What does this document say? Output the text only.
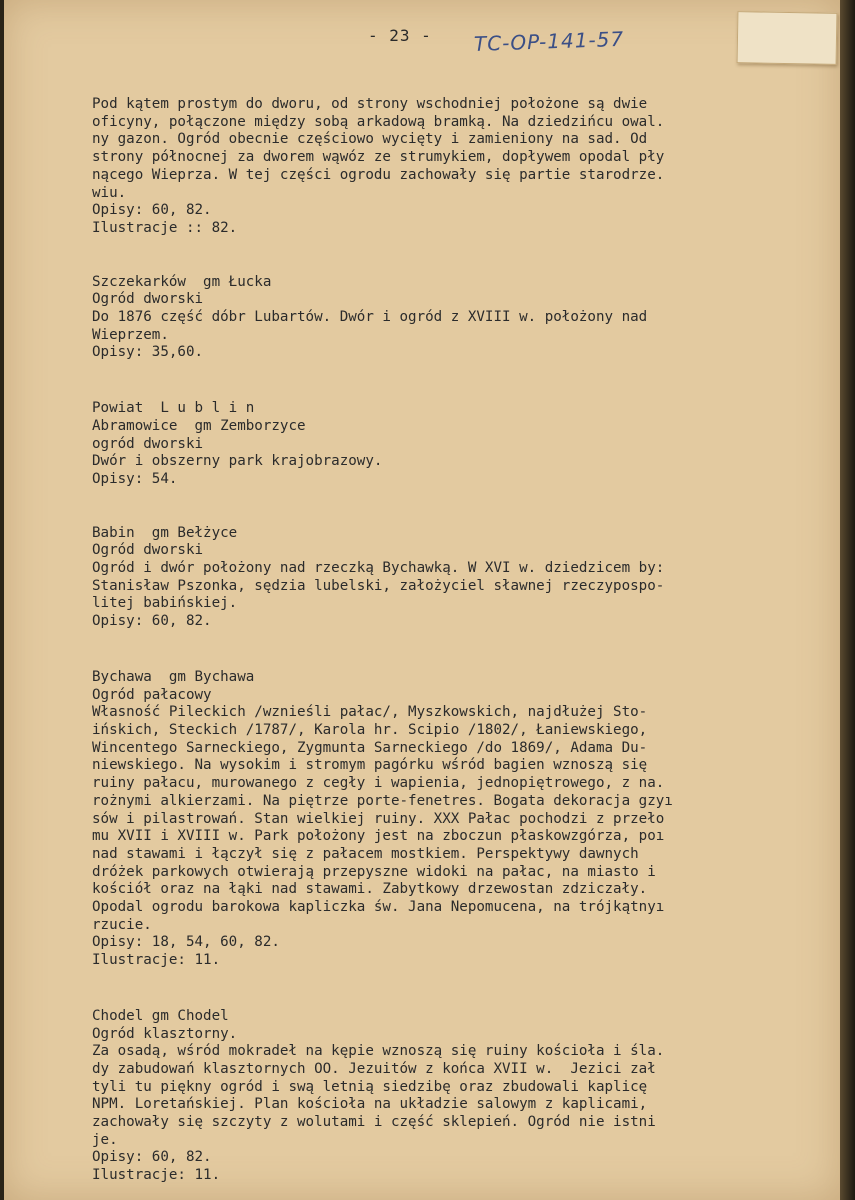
- 23 - TC-OP-141-57

Pod kątem prostym do dworu, od strony wschodniej położone są dwie

oficyny, połączone między sobą arkadową bramką. Na dziedzińcu owal.

ny gazon. Ogród obecnie częściowo wycięty i zamieniony na sad. Od

strony północnej za dworem wąwóz ze strumykiem, dopływem opodal pły

nącego Wieprza. W tej części ogrodu zachowały się partie starodrze.

wiu.

Opisy: 60, 82.

Ilustracje :: 82.

Szczekarków  gm Łucka

Ogród dworski

Do 1876 część dóbr Lubartów. Dwór i ogród z XVIII w. położony nad

Wieprzem.

Opisy: 35,60.

Powiat  L u b l i n

Abramowice  gm Zemborzyce

ogród dworski

Dwór i obszerny park krajobrazowy.

Opisy: 54.

Babin  gm Bełżyce

Ogród dworski

Ogród i dwór położony nad rzeczką Bychawką. W XVI w. dziedzicem by:

Stanisław Pszonka, sędzia lubelski, założyciel sławnej rzeczypospo-

litej babińskiej.

Opisy: 60, 82.

Bychawa  gm Bychawa

Ogród pałacowy

Własność Pileckich /wznieśli pałac/, Myszkowskich, najdłużej Sto-

ińskich, Steckich /1787/, Karola hr. Scipio /1802/, Łaniewskiego,

Wincentego Sarneckiego, Zygmunta Sarneckiego /do 1869/, Adama Du-

niewskiego. Na wysokim i stromym pagórku wśród bagien wznoszą się

ruiny pałacu, murowanego z cegły i wapienia, jednopiętrowego, z na.

rożnymi alkierzami. Na piętrze porte-fenetres. Bogata dekoracja gzyı

sów i pilastrowań. Stan wielkiej ruiny. XXX Pałac pochodzi z przeło

mu XVII i XVIII w. Park położony jest na zboczun płaskowzgórza, poı

nad stawami i łączył się z pałacem mostkiem. Perspektywy dawnych

dróżek parkowych otwierają przepyszne widoki na pałac, na miasto i

kościół oraz na łąki nad stawami. Zabytkowy drzewostan zdziczały.

Opodal ogrodu barokowa kapliczka św. Jana Nepomucena, na trójkątnyı

rzucie.

Opisy: 18, 54, 60, 82.

Ilustracje: 11.

Chodel gm Chodel

Ogród klasztorny.

Za osadą, wśród mokradeł na kępie wznoszą się ruiny kościoła i śla.

dy zabudowań klasztornych OO. Jezuitów z końca XVII w.  Jezici zał

tyli tu piękny ogród i swą letnią siedzibę oraz zbudowali kaplicę

NPM. Loretańskiej. Plan kościoła na układzie salowym z kaplicami,

zachowały się szczyty z wolutami i część sklepień. Ogród nie istni

je.

Opisy: 60, 82.

Ilustracje: 11.
